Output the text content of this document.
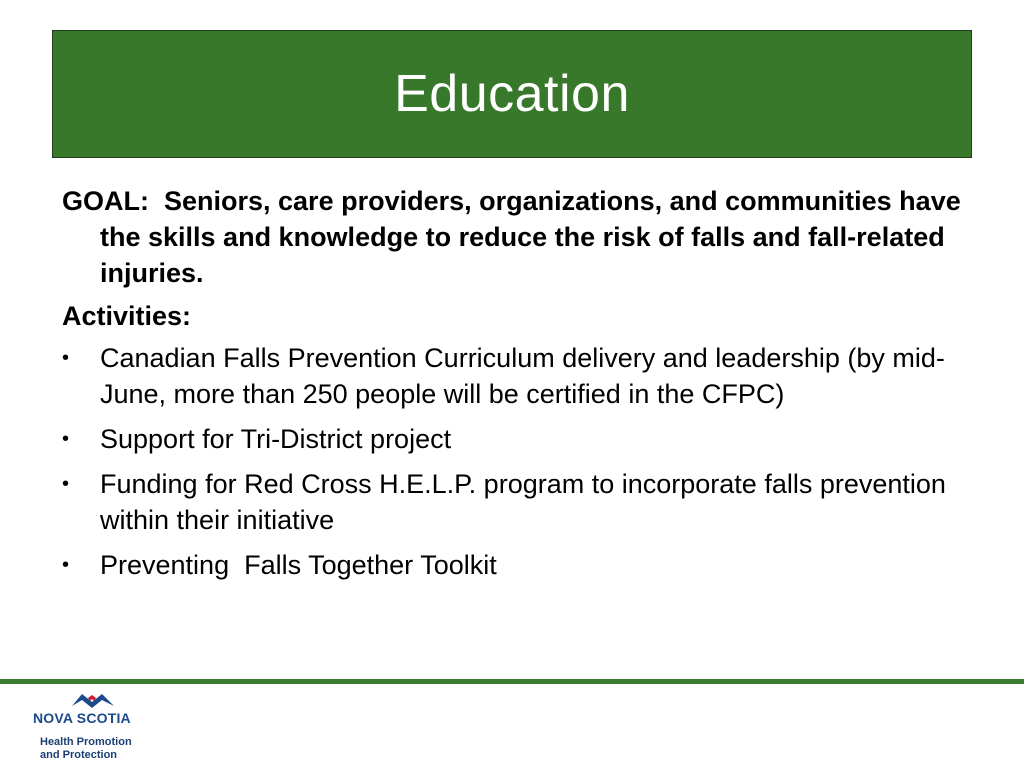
Education

GOAL:  Seniors, care providers, organizations, and communities have the skills and knowledge to reduce the risk of falls and fall-related injuries.

Activities:

•	Canadian Falls Prevention Curriculum delivery and leadership (by mid-June, more than 250 people will be certified in the CFPC)
•	Support for Tri-District project
•	Funding for Red Cross H.E.L.P. program to incorporate falls prevention within their initiative
•	Preventing  Falls Together Toolkit
NOVA SCOTIA
Health Promotion
and Protection
